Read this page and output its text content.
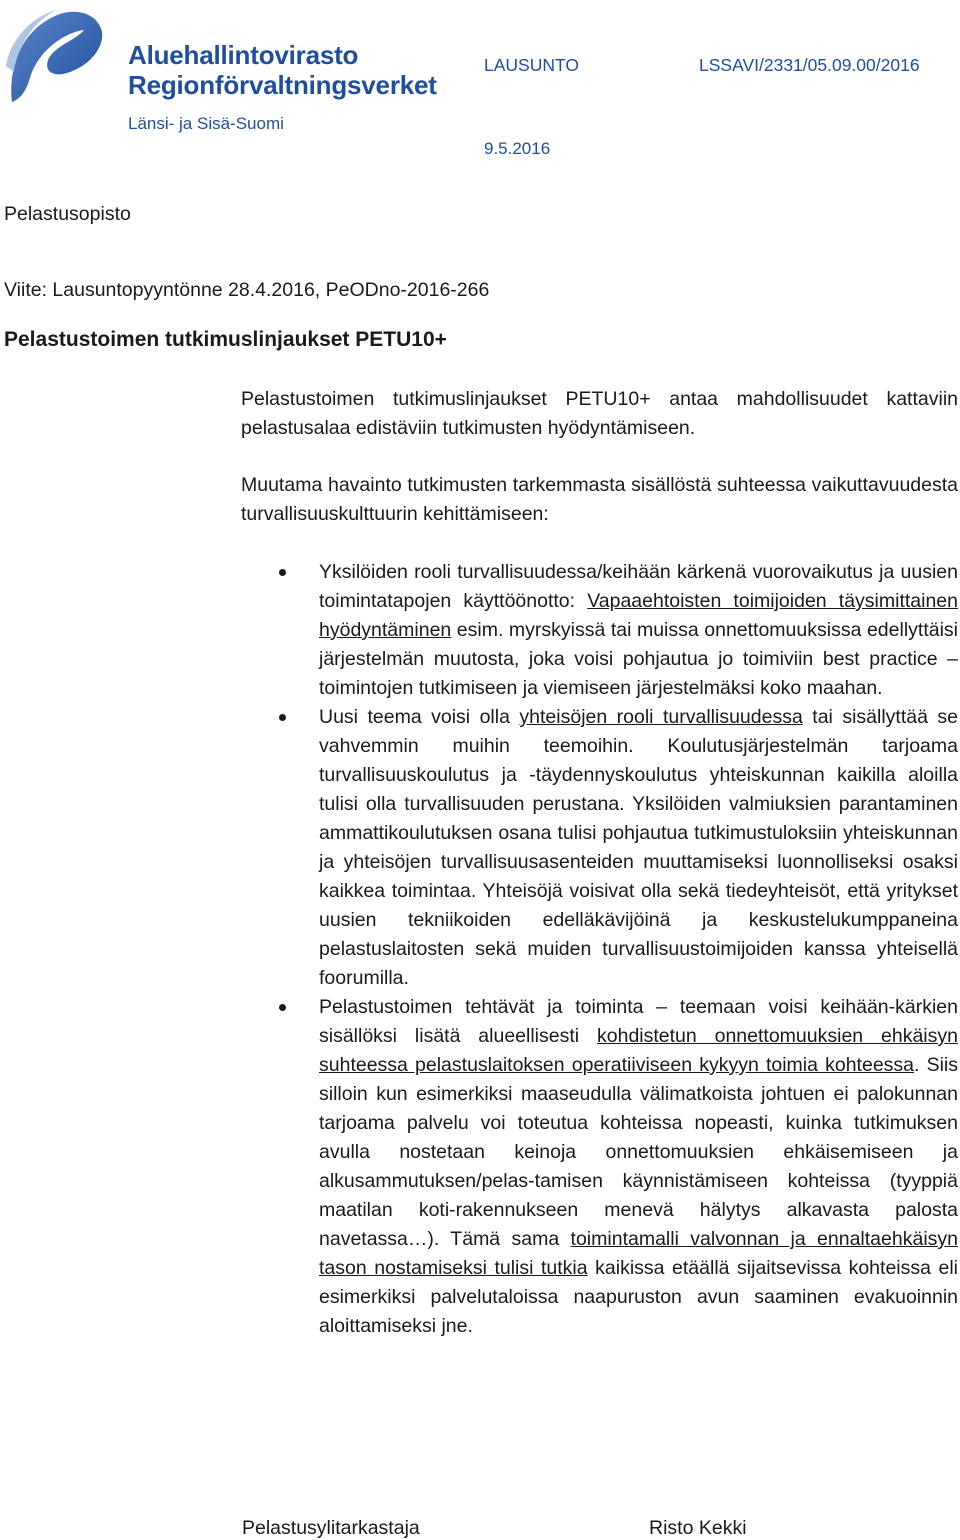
Aluehallintovirasto
Regionförvaltningsverket
Länsi- ja Sisä-Suomi
LAUSUNTO	LSSAVI/2331/05.09.00/2016
9.5.2016
Pelastusopisto
Viite: Lausuntopyyntönne 28.4.2016, PeODno-2016-266
Pelastustoimen tutkimuslinjaukset PETU10+

Pelastustoimen tutkimuslinjaukset PETU10+ antaa mahdollisuudet kattaviin pelastusalaa edistäviin tutkimusten hyödyntämiseen.

Muutama havainto tutkimusten tarkemmasta sisällöstä suhteessa vaikuttavuudesta turvallisuuskulttuurin kehittämiseen:

Yksilöiden rooli turvallisuudessa/keihään kärkenä vuorovaikutus ja uusien toimintatapojen käyttöönotto: Vapaaehtoisten toimijoiden täysimittainen hyödyntäminen esim. myrskyissä tai muissa onnettomuuksissa edellyttäisi järjestelmän muutosta, joka voisi pohjautua jo toimiviin best practice –toimintojen tutkimiseen ja viemiseen järjestelmäksi koko maahan.
Uusi teema voisi olla yhteisöjen rooli turvallisuudessa tai sisällyttää se vahvemmin muihin teemoihin. Koulutusjärjestelmän tarjoama turvallisuuskoulutus ja -täydennyskoulutus yhteiskunnan kaikilla aloilla tulisi olla turvallisuuden perustana. Yksilöiden valmiuksien parantaminen ammattikoulutuksen osana tulisi pohjautua tutkimustuloksiin yhteiskunnan ja yhteisöjen turvallisuusasenteiden muuttamiseksi luonnolliseksi osaksi kaikkea toimintaa. Yhteisöjä voisivat olla sekä tiedeyhteisöt, että yritykset uusien tekniikoiden edelläkävijöinä ja keskustelukumppaneina pelastuslaitosten sekä muiden turvallisuustoimijoiden kanssa yhteisellä foorumilla.
Pelastustoimen tehtävät ja toiminta – teemaan voisi keihään-kärkien sisällöksi lisätä alueellisesti kohdistetun onnettomuuksien ehkäisyn suhteessa pelastuslaitoksen operatiiviseen kykyyn toimia kohteessa. Siis silloin kun esimerkiksi maaseudulla välimatkoista johtuen ei palokunnan tarjoama palvelu voi toteutua kohteissa nopeasti, kuinka tutkimuksen avulla nostetaan keinoja onnettomuuksien ehkäisemiseen ja alkusammutuksen/pelas-tamisen käynnistämiseen kohteissa (tyyppiä maatilan koti-rakennukseen menevä hälytys alkavasta palosta navetassa…). Tämä sama toimintamalli valvonnan ja ennaltaehkäisyn tason nostamiseksi tulisi tutkia kaikissa etäällä sijaitsevissa kohteissa eli esimerkiksi palvelutaloissa naapuruston avun saaminen evakuoinnin aloittamiseksi jne.
Pelastusylitarkastaja	Risto Kekki
